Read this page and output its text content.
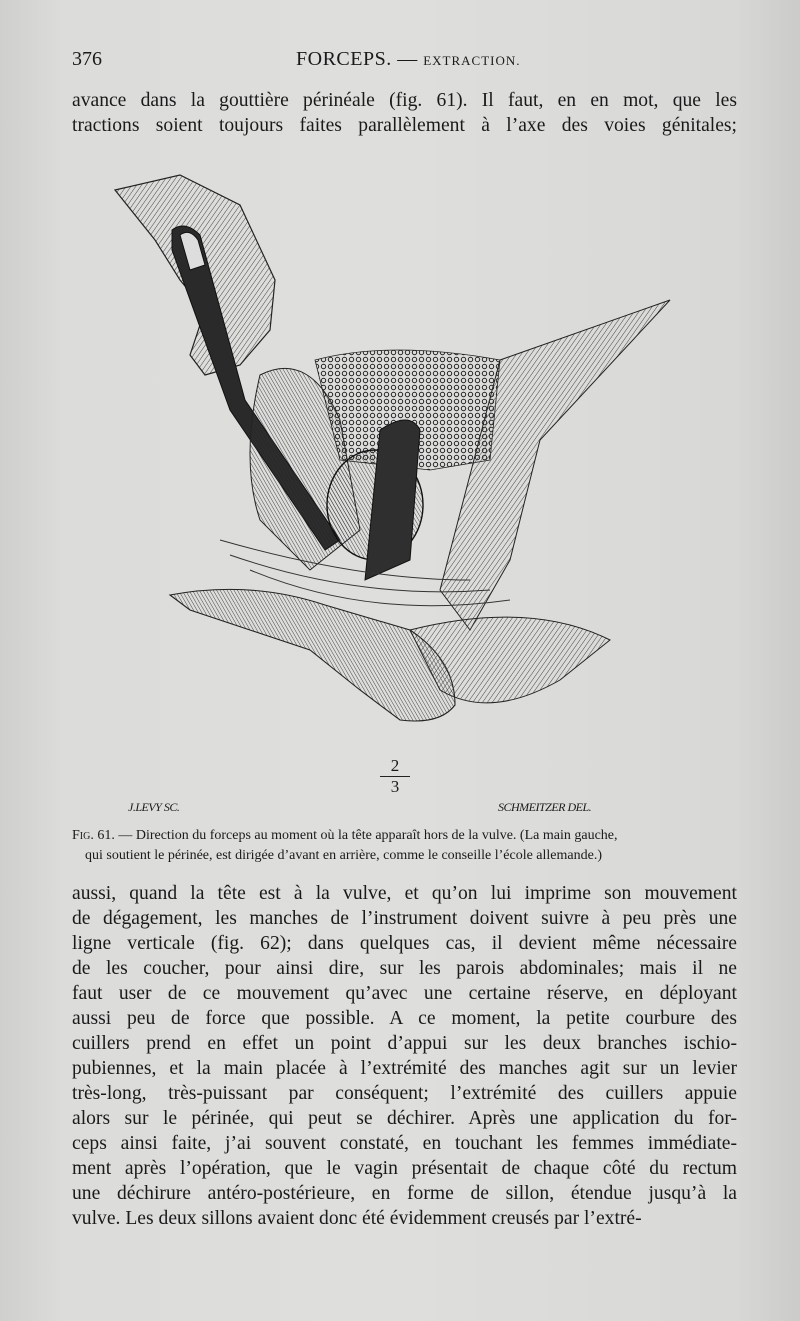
376	FORCEPS. — EXTRACTION.
avance dans la gouttière périnéale (fig. 61). Il faut, en en mot, que les
tractions soient toujours faites parallèlement à l’axe des voies génitales;
2
3
J.LEVY SC.	SCHMEITZER DEL.
Fig. 61. — Direction du forceps au moment où la tête apparaît hors de la vulve. (La main gauche,
qui soutient le périnée, est dirigée d’avant en arrière, comme le conseille l’école allemande.)
aussi, quand la tête est à la vulve, et qu’on lui imprime son mouvement
de dégagement, les manches de l’instrument doivent suivre à peu près une
ligne verticale (fig. 62); dans quelques cas, il devient même nécessaire
de les coucher, pour ainsi dire, sur les parois abdominales; mais il ne
faut user de ce mouvement qu’avec une certaine réserve, en déployant
aussi peu de force que possible. A ce moment, la petite courbure des
cuillers prend en effet un point d’appui sur les deux branches ischio-
pubiennes, et la main placée à l’extrémité des manches agit sur un levier
très-long, très-puissant par conséquent; l’extrémité des cuillers appuie
alors sur le périnée, qui peut se déchirer. Après une application du for-
ceps ainsi faite, j’ai souvent constaté, en touchant les femmes immédiate-
ment après l’opération, que le vagin présentait de chaque côté du rectum
une déchirure antéro-postérieure, en forme de sillon, étendue jusqu’à la
vulve. Les deux sillons avaient donc été évidemment creusés par l’extré-
